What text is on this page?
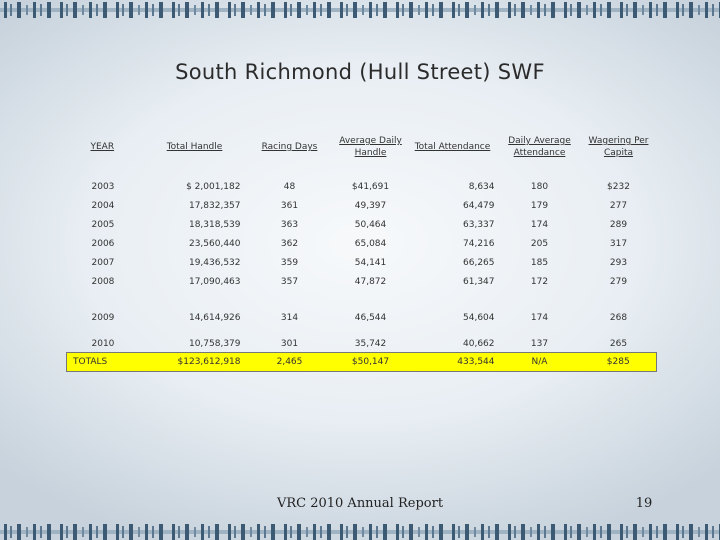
South Richmond (Hull Street) SWF
YEAR	Total Handle	Racing Days	Average Daily Handle	Total Attendance	Daily Average Attendance	Wagering Per Capita
2003	$ 2,001,182	48	$41,691	8,634	180	$232
2004	17,832,357	361	49,397	64,479	179	277
2005	18,318,539	363	50,464	63,337	174	289
2006	23,560,440	362	65,084	74,216	205	317
2007	19,436,532	359	54,141	66,265	185	293
2008	17,090,463	357	47,872	61,347	172	279
2009	14,614,926	314	46,544	54,604	174	268
2010	10,758,379	301	35,742	40,662	137	265
TOTALS	$123,612,918	2,465	$50,147	433,544	N/A	$285
VRC 2010 Annual Report	19
